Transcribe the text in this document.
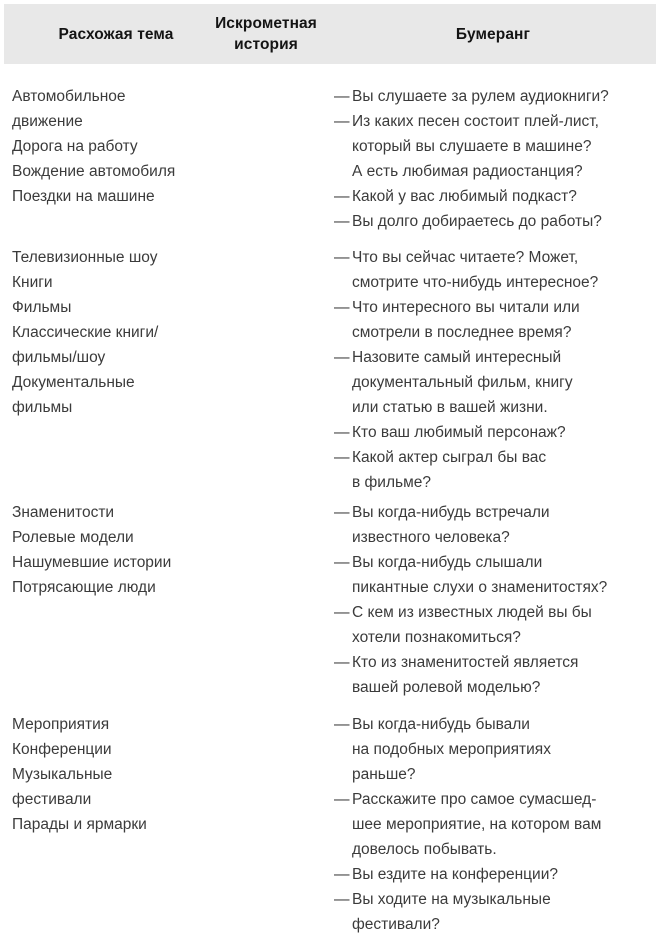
Расхожая тема
Искрометная
история
Бумеранг
Автомобильное
движение
Дорога на работу
Вождение автомобиля
Поездки на машине
— Вы слушаете за рулем аудиокниги?
— Из каких песен состоит плей-лист,
который вы слушаете в машине?
А есть любимая радиостанция?
— Какой у вас любимый подкаст?
— Вы долго добираетесь до работы?
Телевизионные шоу
Книги
Фильмы
Классические книги/
фильмы/шоу
Документальные
фильмы
— Что вы сейчас читаете? Может,
смотрите что-нибудь интересное?
— Что интересного вы читали или
смотрели в последнее время?
— Назовите самый интересный
документальный фильм, книгу
или статью в вашей жизни.
— Кто ваш любимый персонаж?
— Какой актер сыграл бы вас
в фильме?
Знаменитости
Ролевые модели
Нашумевшие истории
Потрясающие люди
— Вы когда-нибудь встречали
известного человека?
— Вы когда-нибудь слышали
пикантные слухи о знаменитостях?
— С кем из известных людей вы бы
хотели познакомиться?
— Кто из знаменитостей является
вашей ролевой моделью?
Мероприятия
Конференции
Музыкальные
фестивали
Парады и ярмарки
— Вы когда-нибудь бывали
на подобных мероприятиях
раньше?
— Расскажите про самое сумасшед-
шее мероприятие, на котором вам
довелось побывать.
— Вы ездите на конференции?
— Вы ходите на музыкальные
фестивали?
